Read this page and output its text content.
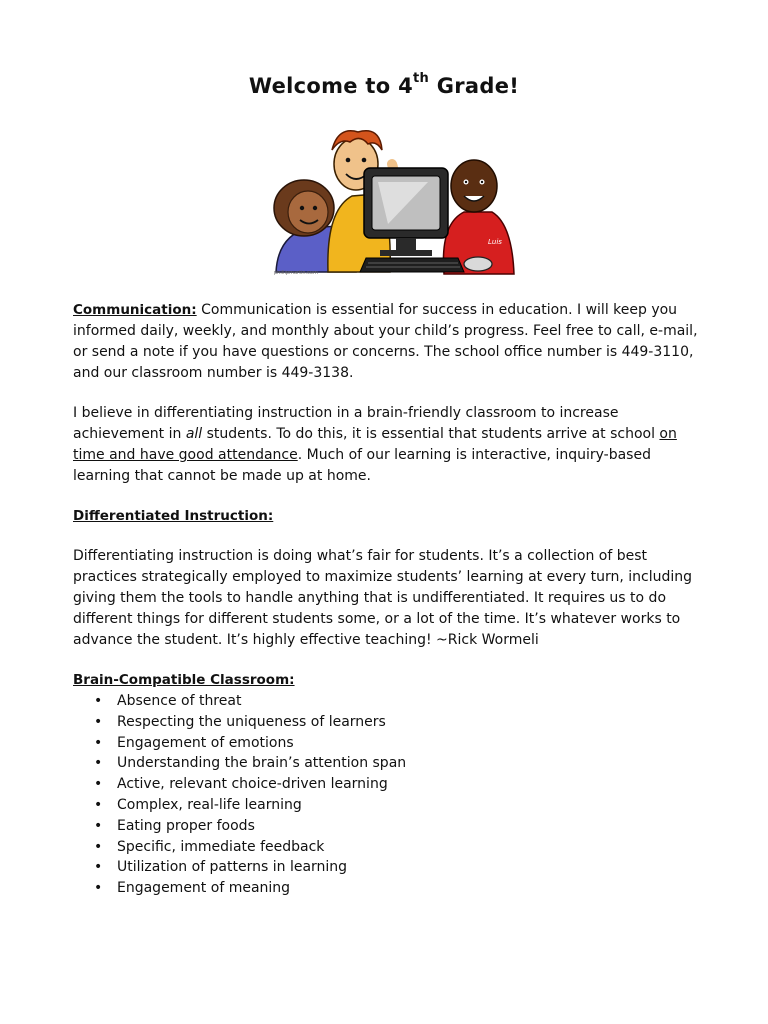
Welcome to 4th Grade!
Luis
phillipmartin.com

Communication: Communication is essential for success in education. I will keep you informed daily, weekly, and monthly about your child’s progress. Feel free to call, e-mail, or send a note if you have questions or concerns. The school office number is 449-3110, and our classroom number is 449-3138.

I believe in differentiating instruction in a brain-friendly classroom to increase achievement in all students. To do this, it is essential that students arrive at school on time and have good attendance. Much of our learning is interactive, inquiry-based learning that cannot be made up at home.

Differentiated Instruction:

Differentiating instruction is doing what’s fair for students. It’s a collection of best practices strategically employed to maximize students’ learning at every turn, including giving them the tools to handle anything that is undifferentiated. It requires us to do different things for different students some, or a lot of the time. It’s whatever works to advance the student. It’s highly effective teaching! ~Rick Wormeli

Brain-Compatible Classroom:
• Absence of threat
• Respecting the uniqueness of learners
• Engagement of emotions
• Understanding the brain’s attention span
• Active, relevant choice-driven learning
• Complex, real-life learning
• Eating proper foods
• Specific, immediate feedback
• Utilization of patterns in learning
• Engagement of meaning
